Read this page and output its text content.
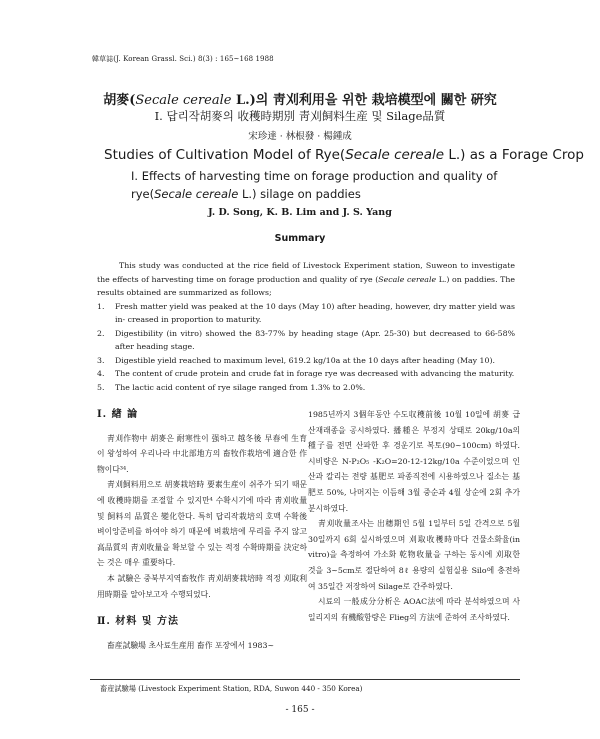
韓草誌(J. Korean Grassl. Sci.) 8(3) : 165~168 1988
胡麥(Secale cereale L.)의 靑刈利用을 위한 栽培模型에 關한 硏究
Ⅰ. 답리작胡麥의 收穫時期別 靑刈飼料生産 및 Silage品質
宋珍達 · 林根發 · 楊鍾成
Studies of Cultivation Model of Rye(Secale cereale L.) as a Forage Crop
Ⅰ. Effects of harvesting time on forage production and quality of
rye(Secale cereale L.) silage on paddies
J. D. Song, K. B. Lim and J. S. Yang
Summary

This study was conducted at the rice field of Livestock Experiment station, Suweon to investigate the effects of harvesting time on forage production and quality of rye (Secale cereale L.) on paddies. The results obtained are summarized as follows;

1. Fresh matter yield was peaked at the 10 days (May 10) after heading, however, dry matter yield was in- creased in proportion to maturity.
2. Digestibility (in vitro) showed the 83-77% by heading stage (Apr. 25-30) but decreased to 66-58% after heading stage.
3. Digestible yield reached to maximum level, 619.2 kg/10a at the 10 days after heading (May 10).
4. The content of crude protein and crude fat in forage rye was decreased with advancing the maturity.
5. The lactic acid content of rye silage ranged from 1.3% to 2.0%.
Ⅰ. 緖 論

靑刈作物中 胡麥은 耐寒性이 强하고 越冬後 早春에 生育이 왕성하여 우리나라 中北部地方의 畜牧作栽培에 適合한 作物이다³⁴.

靑刈飼料用으로 胡麥栽培時 要素生産이 쉬주가 되기 때문에 收穫時期를 조절할 수 있지만⁴ 수확시기에 따라 靑刈收量 및 飼料의 品質은 變化한다. 특히 답리작栽培의 호맥 수확後 벼이앙준비를 하여야 하기 때문에 벼栽培에 무리를 주지 않고 高品質의 靑刈收量을 확보할 수 있는 적정 수확時期를 決定하는 것은 매우 重要하다.

本 試驗은 중북부지역畜牧作 靑刈胡麥栽培時 적정 刈取利用時期를 알아보고자 수행되었다.

Ⅱ. 材料 및 方法

畜産試驗場 초사료生産用 畜作 포장에서 1983~

1985년까지 3個年동안 수도収穫前後 10월 10일에 胡麥 급산재래종을 공시하였다. 播種은 부정지 상태로 20kg/10a의 種子를 전면 산파한 후 경운기로 복토(90~100cm) 하였다. 시비량은 N-P₂O₅ -K₂O=20-12-12kg/10a 수준이었으며 인산과 칼리는 전량 基肥로 파종직전에 시용하였으나 질소는 基肥로 50%, 나머지는 이듬해 3월 중순과 4월 상순에 2회 추가 분시하였다.

靑刈收量조사는 出穗期인 5월 1일부터 5일 간격으로 5월 30일까지 6회 실시하였으며 刈取收穫時마다 건물소화율(in vitro)을 측정하여 가소화 乾物收量을 구하는 동시에 刈取한 것을 3~5cm로 절단하여 8ℓ 용량의 실험실용 Silo에 충전하여 35일간 저장하여 Silage로 간주하였다.

시료의 一般成分分析은 AOAC法에 따라 분석하였으며 사일리지의 有機酸함량은 Flieg의 方法에 준하여 조사하였다.

畜産試驗場 (Livestock Experiment Station, RDA, Suwon 440 - 350 Korea)
- 165 -
